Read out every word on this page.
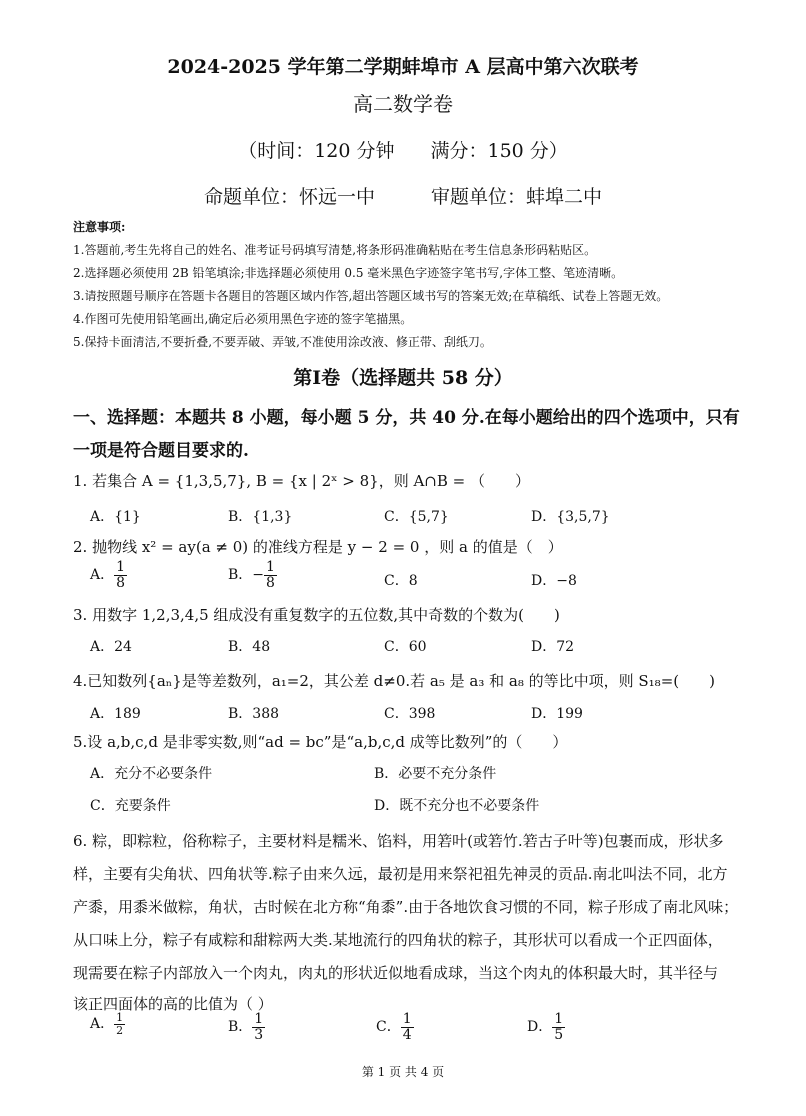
2024-2025 学年第二学期蚌埠市 A 层高中第六次联考
高二数学卷
（时间：120 分钟 满分：150 分）
命题单位：怀远一中	审题单位：蚌埠二中
注意事项:
1.答题前,考生先将自己的姓名、准考证号码填写清楚,将条形码准确粘贴在考生信息条形码粘贴区。
2.选择题必须使用 2B 铅笔填涂;非选择题必须使用 0.5 毫米黑色字迹签字笔书写,字体工整、笔迹清晰。
3.请按照题号顺序在答题卡各题目的答题区域内作答,超出答题区域书写的答案无效;在草稿纸、试卷上答题无效。
4.作图可先使用铅笔画出,确定后必须用黑色字迹的签字笔描黑。
5.保持卡面清洁,不要折叠,不要弄破、弄皱,不准使用涂改液、修正带、刮纸刀。
第Ⅰ卷（选择题共 58 分）
一、选择题：本题共 8 小题，每小题 5 分，共 40 分.在每小题给出的四个选项中，只有
一项是符合题目要求的.
1. 若集合 A = {1,3,5,7}, B = {x | 2ˣ > 8}，则 A∩B = （　　）
A．{1}	B．{1,3}	C．{5,7}	D．{3,5,7}
2. 抛物线 x² = ay(a ≠ 0) 的准线方程是 y − 2 = 0 ，则 a 的值是（　）
A． $\frac{1}{8}$	B．− $\frac{1}{8}$	C．8	D．−8
3. 用数字 1,2,3,4,5 组成没有重复数字的五位数,其中奇数的个数为(　　)
A．24	B．48	C．60	D．72
4.已知数列{aₙ}是等差数列，a₁=2，其公差 d≠0.若 a₅ 是 a₃ 和 a₈ 的等比中项，则 S₁₈=(　　)
A．189	B．388	C．398	D．199
5.设 a,b,c,d 是非零实数,则“ad = bc”是“a,b,c,d 成等比数列”的（　　）
A．充分不必要条件	B．必要不充分条件
C．充要条件	D．既不充分也不必要条件
6. 粽，即粽粒，俗称粽子，主要材料是糯米、馅料，用箬叶(或箬竹.箬古子叶等)包裹而成，形状多
样，主要有尖角状、四角状等.粽子由来久远，最初是用来祭祀祖先神灵的贡品.南北叫法不同，北方
产黍，用黍米做粽，角状，古时候在北方称“角黍”.由于各地饮食习惯的不同，粽子形成了南北风味；
从口味上分，粽子有咸粽和甜粽两大类.某地流行的四角状的粽子，其形状可以看成一个正四面体，
现需要在粽子内部放入一个肉丸，肉丸的形状近似地看成球，当这个肉丸的体积最大时，其半径与
该正四面体的高的比值为（ ）
A． $\frac{1}{2}$	B． $\frac{1}{3}$	C． $\frac{1}{4}$	D． $\frac{1}{5}$
第 1 页 共 4 页
